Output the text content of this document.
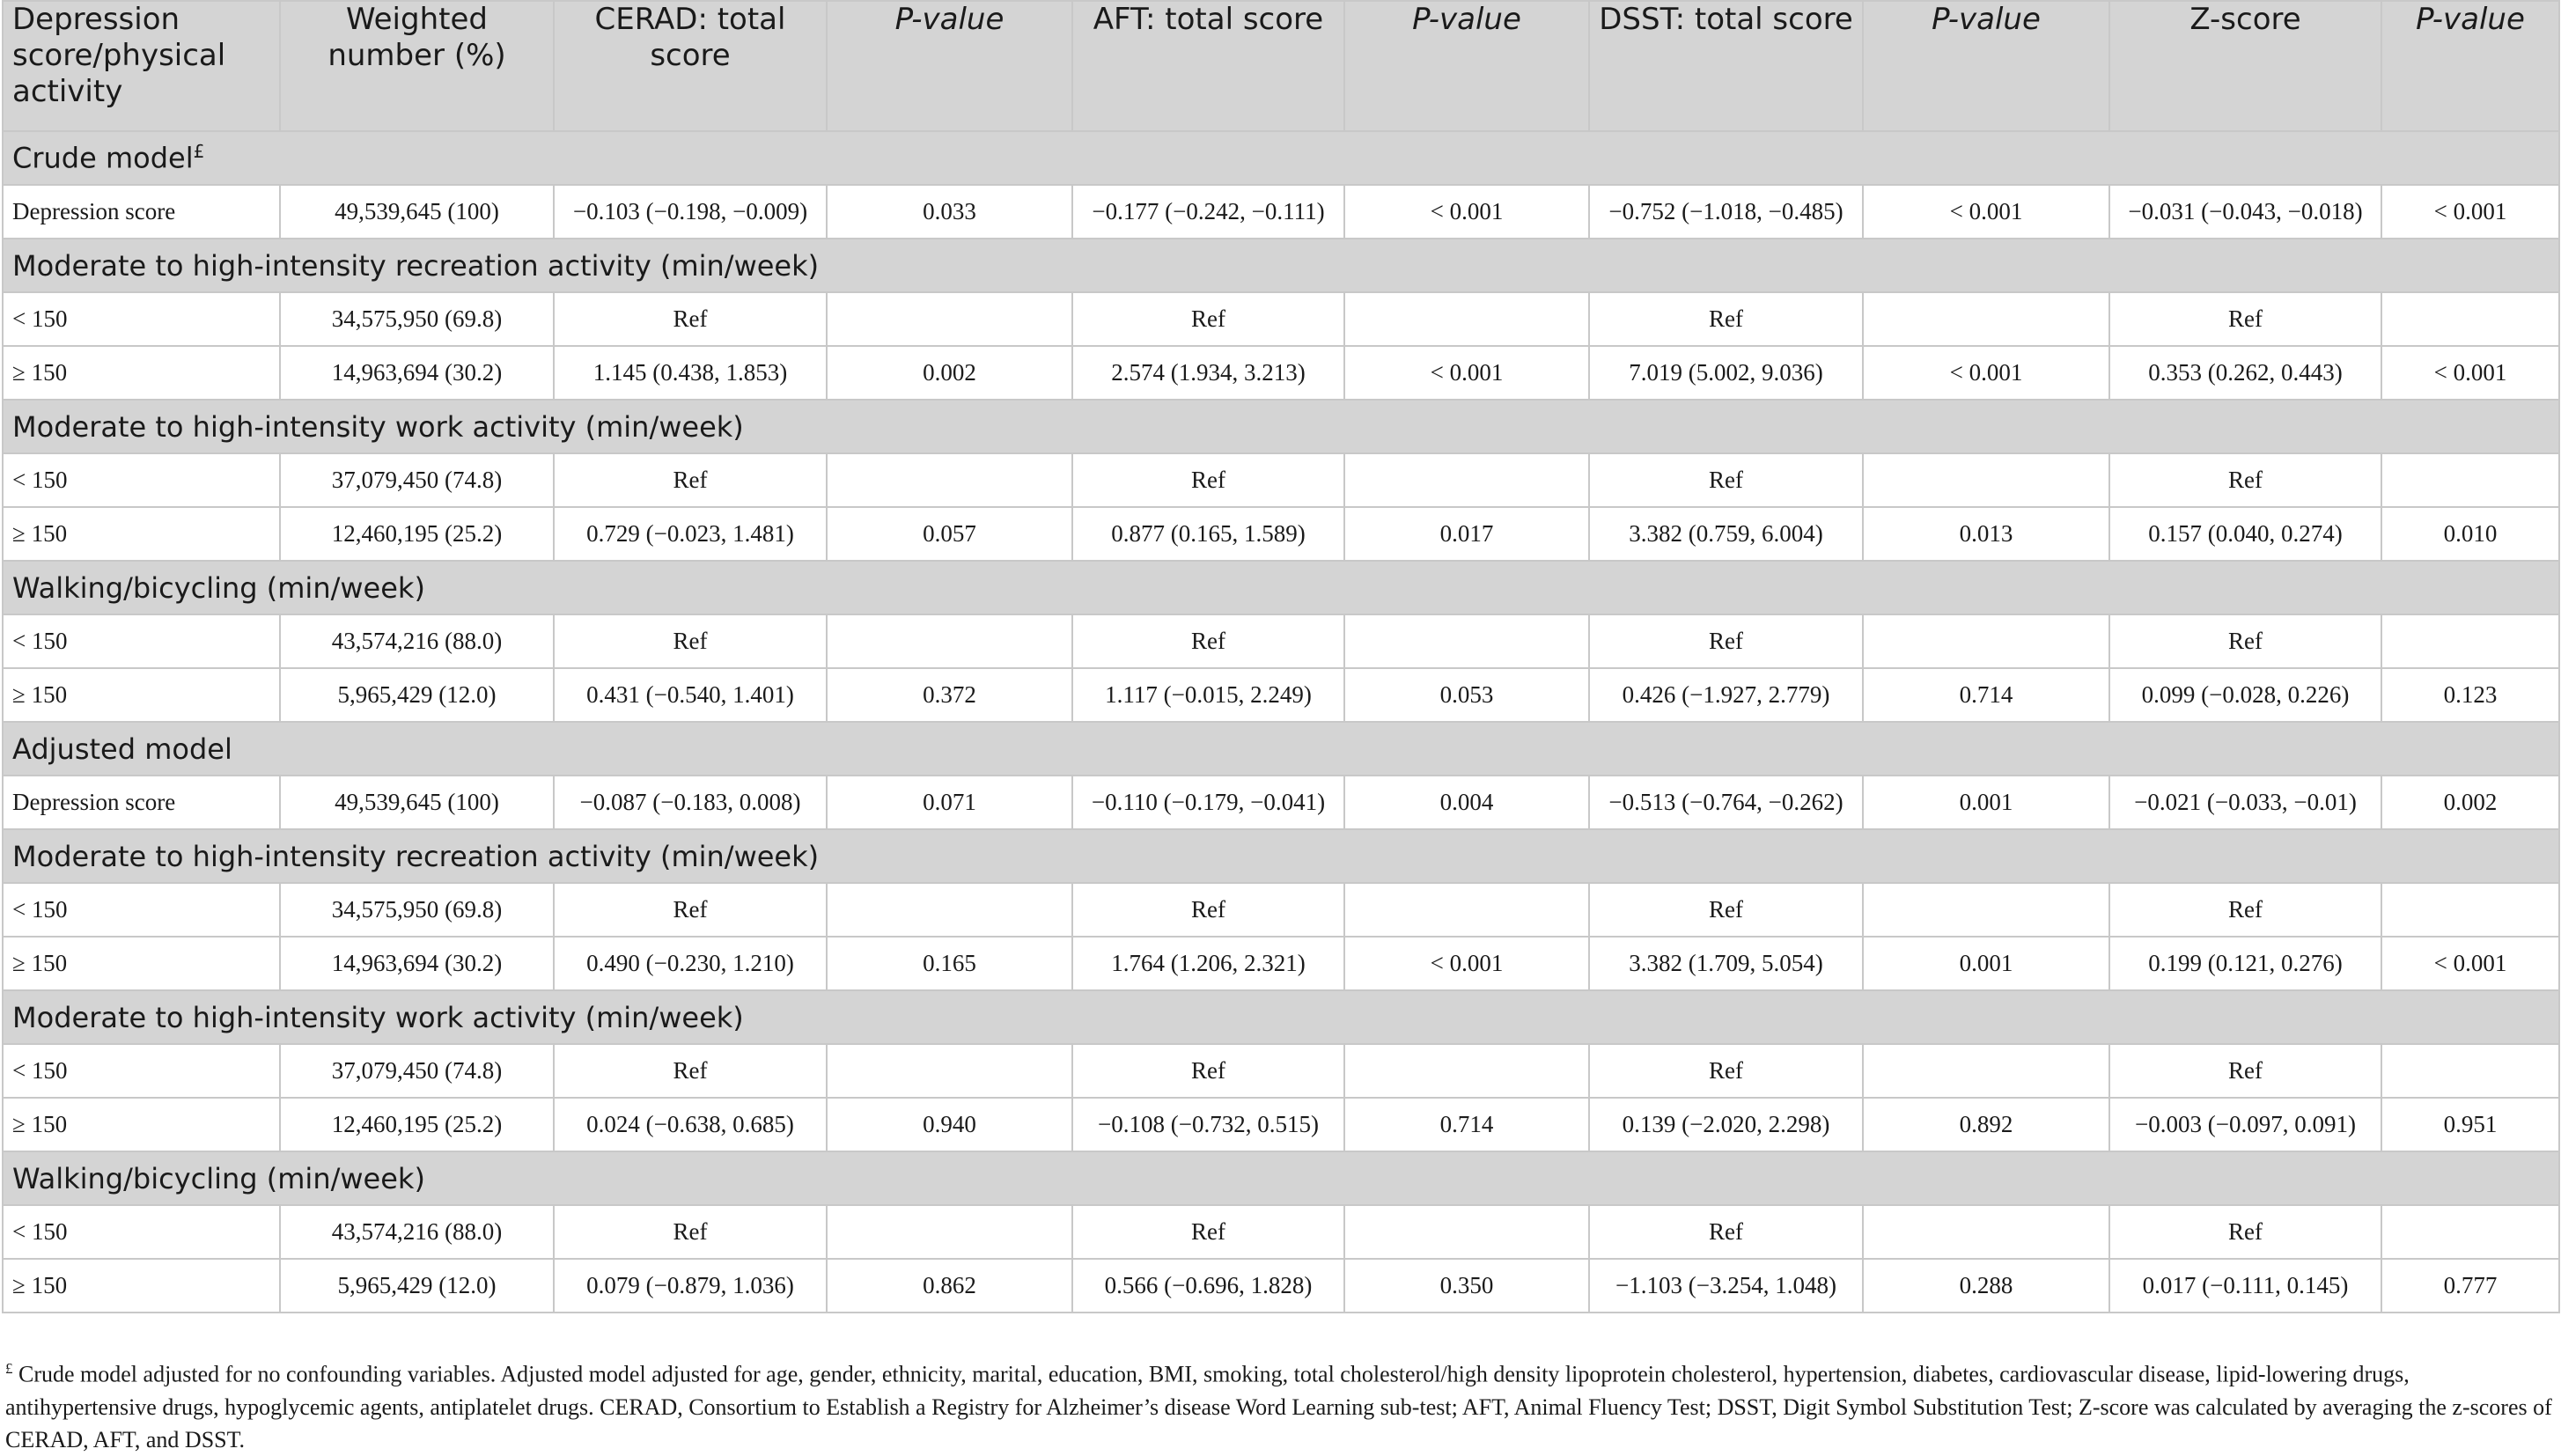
Depression score/physical activity	Weighted number (%)	CERAD: total score	P-value	AFT: total score	P-value	DSST: total score	P-value	Z-score	P-value
Crude model£
Depression score	49,539,645 (100)	−0.103 (−0.198, −0.009)	0.033	−0.177 (−0.242, −0.111)	< 0.001	−0.752 (−1.018, −0.485)	< 0.001	−0.031 (−0.043, −0.018)	< 0.001
Moderate to high-intensity recreation activity (min/week)									
< 150	34,575,950 (69.8)	Ref		Ref		Ref		Ref	
≥ 150	14,963,694 (30.2)	1.145 (0.438, 1.853)	0.002	2.574 (1.934, 3.213)	< 0.001	7.019 (5.002, 9.036)	< 0.001	0.353 (0.262, 0.443)	< 0.001
Moderate to high-intensity work activity (min/week)									
< 150	37,079,450 (74.8)	Ref		Ref		Ref		Ref	
≥ 150	12,460,195 (25.2)	0.729 (−0.023, 1.481)	0.057	0.877 (0.165, 1.589)	0.017	3.382 (0.759, 6.004)	0.013	0.157 (0.040, 0.274)	0.010
Walking/bicycling (min/week)									
< 150	43,574,216 (88.0)	Ref		Ref		Ref		Ref	
≥ 150	5,965,429 (12.0)	0.431 (−0.540, 1.401)	0.372	1.117 (−0.015, 2.249)	0.053	0.426 (−1.927, 2.779)	0.714	0.099 (−0.028, 0.226)	0.123
Adjusted model									
Depression score	49,539,645 (100)	−0.087 (−0.183, 0.008)	0.071	−0.110 (−0.179, −0.041)	0.004	−0.513 (−0.764, −0.262)	0.001	−0.021 (−0.033, −0.01)	0.002
Moderate to high-intensity recreation activity (min/week)									
< 150	34,575,950 (69.8)	Ref		Ref		Ref		Ref	
≥ 150	14,963,694 (30.2)	0.490 (−0.230, 1.210)	0.165	1.764 (1.206, 2.321)	< 0.001	3.382 (1.709, 5.054)	0.001	0.199 (0.121, 0.276)	< 0.001
Moderate to high-intensity work activity (min/week)									
< 150	37,079,450 (74.8)	Ref		Ref		Ref		Ref	
≥ 150	12,460,195 (25.2)	0.024 (−0.638, 0.685)	0.940	−0.108 (−0.732, 0.515)	0.714	0.139 (−2.020, 2.298)	0.892	−0.003 (−0.097, 0.091)	0.951
Walking/bicycling (min/week)									
< 150	43,574,216 (88.0)	Ref		Ref		Ref		Ref	
≥ 150	5,965,429 (12.0)	0.079 (−0.879, 1.036)	0.862	0.566 (−0.696, 1.828)	0.350	−1.103 (−3.254, 1.048)	0.288	0.017 (−0.111, 0.145)	0.777
£ Crude model adjusted for no confounding variables. Adjusted model adjusted for age, gender, ethnicity, marital, education, BMI, smoking, total cholesterol/high density lipoprotein cholesterol, hypertension, diabetes, cardiovascular disease, lipid-lowering drugs, antihypertensive drugs, hypoglycemic agents, antiplatelet drugs. CERAD, Consortium to Establish a Registry for Alzheimer’s disease Word Learning sub-test; AFT, Animal Fluency Test; DSST, Digit Symbol Substitution Test; Z-score was calculated by averaging the z-scores of CERAD, AFT, and DSST.
